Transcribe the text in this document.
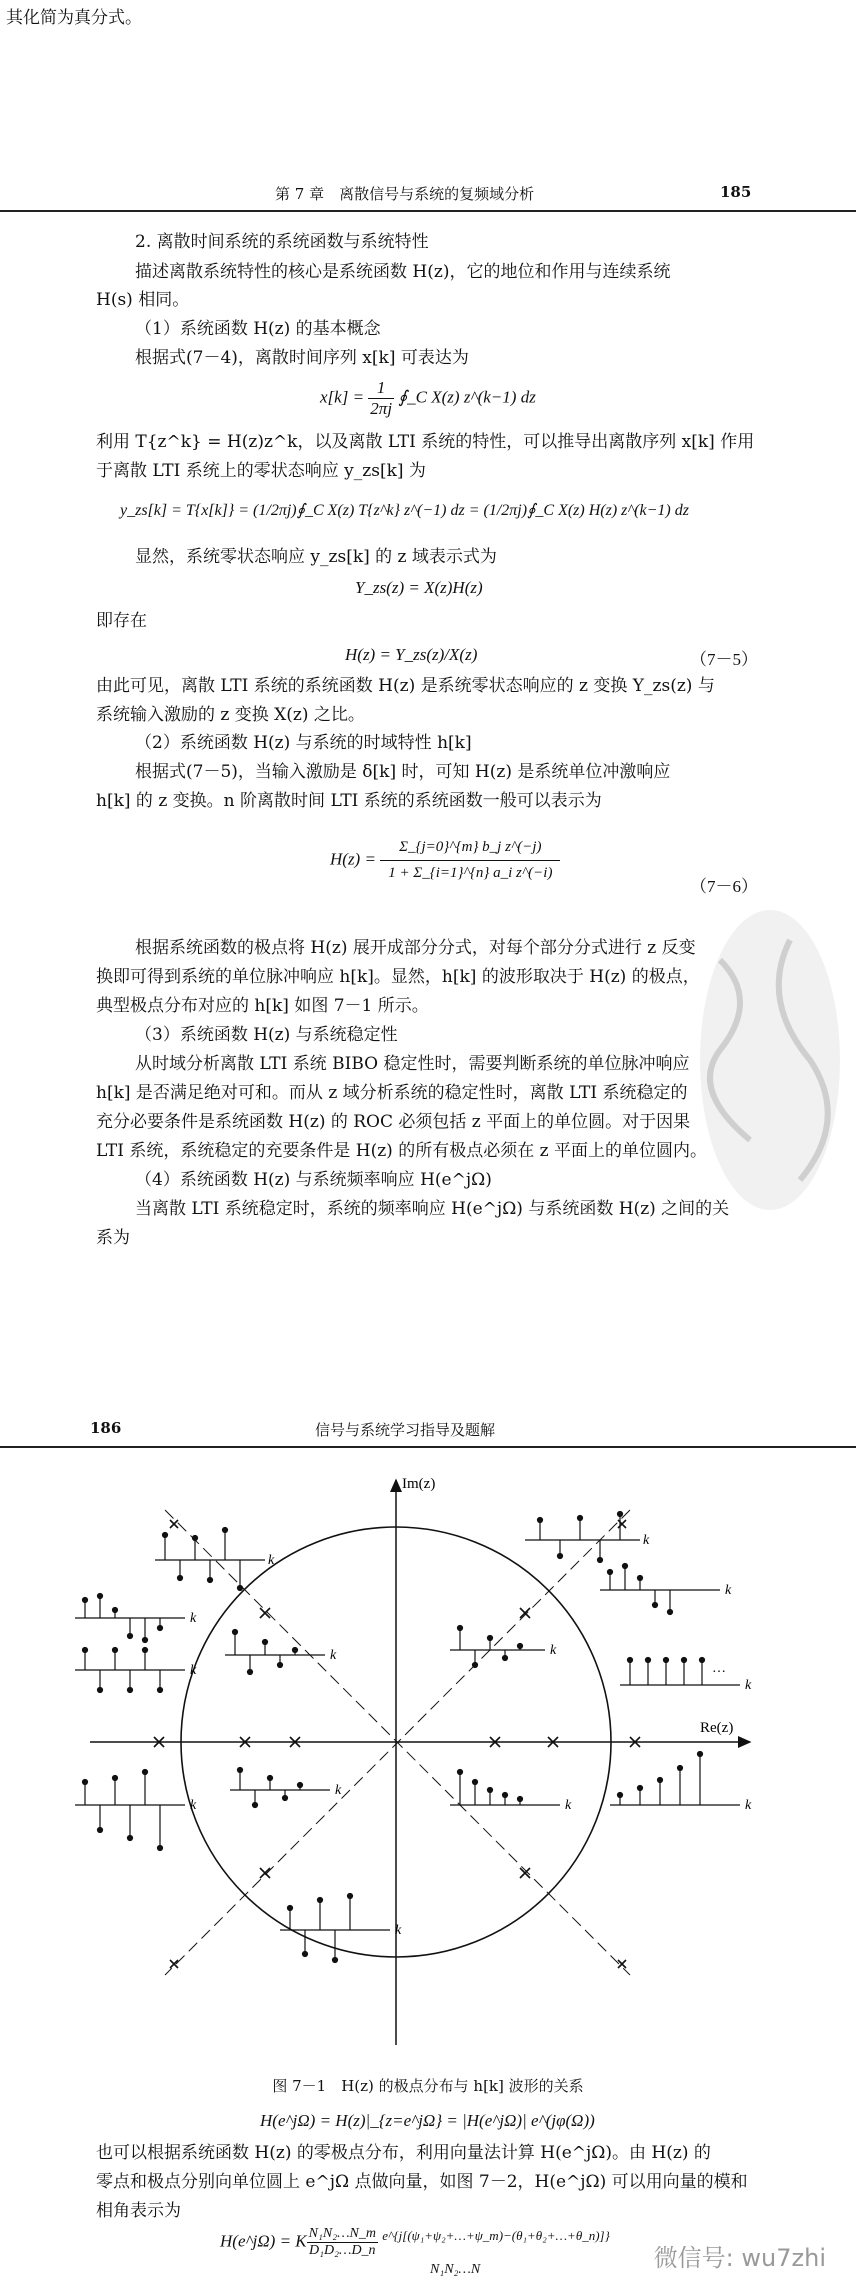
其化简为真分式。
第 7 章　离散信号与系统的复频域分析	185
2. 离散时间系统的系统函数与系统特性
描述离散系统特性的核心是系统函数 H(z)，它的地位和作用与连续系统
H(s) 相同。
（1）系统函数 H(z) 的基本概念
根据式(7－4)，离散时间序列 x[k] 可表达为
$x[k] = \frac{1}{2\pi j}$ ∮_C X(z) z^(k−1) dz
利用 T{z^k} = H(z)z^k，以及离散 LTI 系统的特性，可以推导出离散序列 x[k] 作用
于离散 LTI 系统上的零状态响应 y_zs[k] 为
y_zs[k] = T{x[k]} = (1/2πj)∮_C X(z) T{z^k} z^(−1) dz = (1/2πj)∮_C X(z) H(z) z^(k−1) dz
显然，系统零状态响应 y_zs[k] 的 z 域表示式为
Y_zs(z) = X(z)H(z)
即存在
H(z) = Y_zs(z)/X(z)	（7－5）
由此可见，离散 LTI 系统的系统函数 H(z) 是系统零状态响应的 z 变换 Y_zs(z) 与
系统输入激励的 z 变换 X(z) 之比。
（2）系统函数 H(z) 与系统的时域特性 h[k]
根据式(7－5)，当输入激励是 δ[k] 时，可知 H(z) 是系统单位冲激响应
h[k] 的 z 变换。n 阶离散时间 LTI 系统的系统函数一般可以表示为
$H(z) = \frac{\text{Σ\_\{j=0\}\textasciicircum{}\{m\} b\_j z\textasciicircum{}(−j)}}{\text{1 + Σ\_\{i=1\}\textasciicircum{}\{n\} a\_i z\textasciicircum{}(−i)}}$
（7－6）
根据系统函数的极点将 H(z) 展开成部分分式，对每个部分分式进行 z 反变
换即可得到系统的单位脉冲响应 h[k]。显然，h[k] 的波形取决于 H(z) 的极点，
典型极点分布对应的 h[k] 如图 7－1 所示。
（3）系统函数 H(z) 与系统稳定性
从时域分析离散 LTI 系统 BIBO 稳定性时，需要判断系统的单位脉冲响应
h[k] 是否满足绝对可和。而从 z 域分析系统的稳定性时，离散 LTI 系统稳定的
充分必要条件是系统函数 H(z) 的 ROC 必须包括 z 平面上的单位圆。对于因果
LTI 系统，系统稳定的充要条件是 H(z) 的所有极点必须在 z 平面上的单位圆内。
（4）系统函数 H(z) 与系统频率响应 H(e^jΩ)
当离散 LTI 系统稳定时，系统的频率响应 H(e^jΩ) 与系统函数 H(z) 之间的关
系为
186	信号与系统学习指导及题解
Im(z)
Re(z)
k
k
k
k
k
k
k	k
k
k
k
k
k
…
图 7－1　H(z) 的极点分布与 h[k] 波形的关系
H(e^jΩ) = H(z)|_{z=e^jΩ} = |H(e^jΩ)| e^(jφ(Ω))
也可以根据系统函数 H(z) 的零极点分布，利用向量法计算 H(e^jΩ)。由 H(z) 的
零点和极点分别向单位圆上 e^jΩ 点做向量，如图 7－2，H(e^jΩ) 可以用向量的模和
相角表示为
H(e^jΩ) = K $\frac{\text{N₁N₂…N\_m}}{\text{D₁D₂…D\_n}} ^{e\^{}\{j[(\psi_1+\psi_2+\dots+\psi\_m)-(\theta_1+\theta_2+\dots+\theta\_n)]\}}$
N₁N₂…N	微信号: wu7zhi
